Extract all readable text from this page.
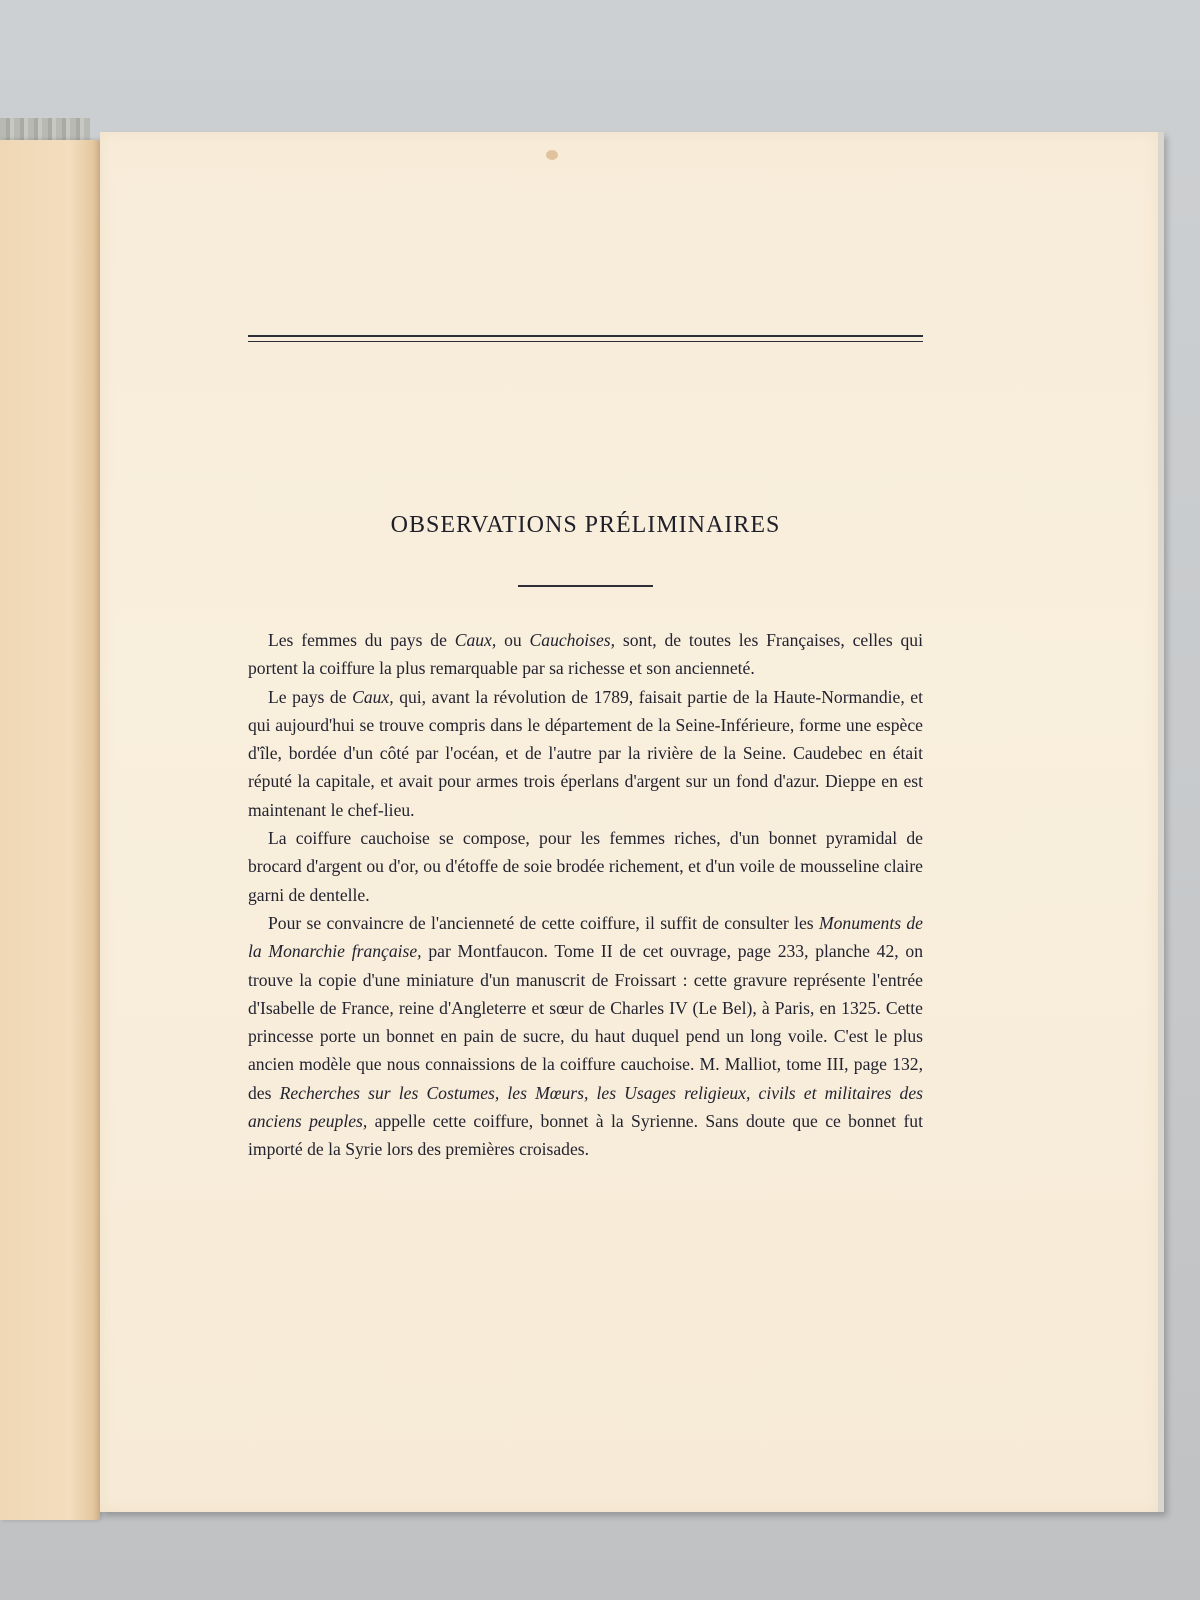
OBSERVATIONS PRÉLIMINAIRES

Les femmes du pays de Caux, ou Cauchoises, sont, de toutes les Françaises, celles qui portent la coiffure la plus remarquable par sa richesse et son ancienneté.

Le pays de Caux, qui, avant la révolution de 1789, faisait partie de la Haute-Normandie, et qui aujourd'hui se trouve compris dans le département de la Seine-Inférieure, forme une espèce d'île, bordée d'un côté par l'océan, et de l'autre par la rivière de la Seine. Caudebec en était réputé la capitale, et avait pour armes trois éperlans d'argent sur un fond d'azur. Dieppe en est maintenant le chef-lieu.

La coiffure cauchoise se compose, pour les femmes riches, d'un bonnet pyramidal de brocard d'argent ou d'or, ou d'étoffe de soie brodée richement, et d'un voile de mousseline claire garni de dentelle.

Pour se convaincre de l'ancienneté de cette coiffure, il suffit de consulter les Monuments de la Monarchie française, par Montfaucon. Tome II de cet ouvrage, page 233, planche 42, on trouve la copie d'une miniature d'un manuscrit de Froissart : cette gravure représente l'entrée d'Isabelle de France, reine d'Angleterre et sœur de Charles IV (Le Bel), à Paris, en 1325. Cette princesse porte un bonnet en pain de sucre, du haut duquel pend un long voile. C'est le plus ancien modèle que nous connaissions de la coiffure cauchoise. M. Malliot, tome III, page 132, des Recherches sur les Costumes, les Mœurs, les Usages religieux, civils et militaires des anciens peuples, appelle cette coiffure, bonnet à la Syrienne. Sans doute que ce bonnet fut importé de la Syrie lors des premières croisades.
